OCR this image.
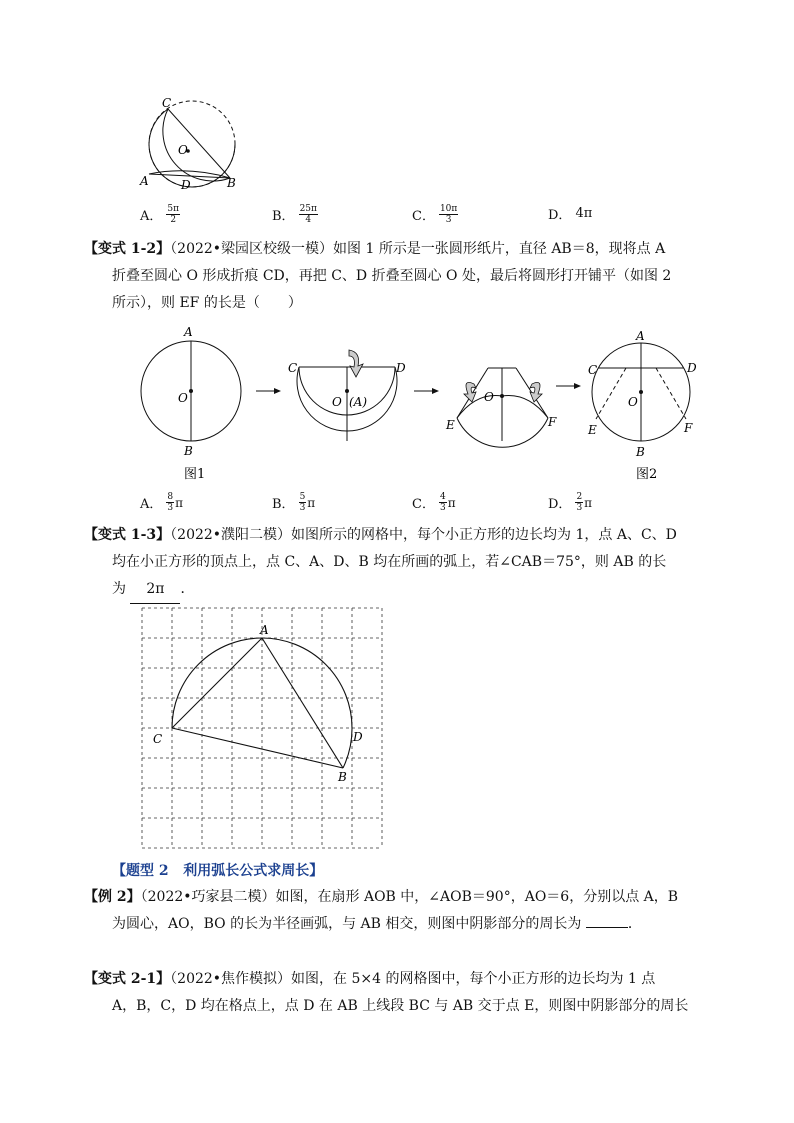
C
O
A	D	B
A． $\frac{5\pi}{2}$	B． $\frac{25\pi}{4}$	C． $\frac{10\pi}{3}$	D． 4π
【变式 1-2】（2022•梁园区校级一模）如图 1 所示是一张圆形纸片，直径 AB＝8，现将点 A
折叠至圆心 O 形成折痕 CD，再把 C、D 折叠至圆心 O 处，最后将圆形打开铺平（如图 2
所示），则 EF 的长是（　　）
A
O
B
图1
C	D
O (A)	O
E	F
A
C	D
O
E	F
B
图2
A． $\frac{8}{3}$ π	B． $\frac{5}{3}$ π	C． $\frac{4}{3}$ π	D． $\frac{2}{3}$ π
【变式 1-3】（2022•濮阳二模）如图所示的网格中，每个小正方形的边长均为 1，点 A、C、D
均在小正方形的顶点上，点 C、A、D、B 均在所画的弧上，若∠CAB＝75°，则 AB 的长
为 2π ．
A
C	D
B
【题型 2 利用弧长公式求周长】
【例 2】（2022•巧家县二模）如图，在扇形 AOB 中，∠AOB＝90°，AO＝6，分别以点 A，B
为圆心，AO，BO 的长为半径画弧，与 AB 相交，则图中阴影部分的周长为	．
【变式 2-1】（2022•焦作模拟）如图，在 5×4 的网格图中，每个小正方形的边长均为 1 点
A，B，C，D 均在格点上，点 D 在 AB 上线段 BC 与 AB 交于点 E，则图中阴影部分的周长
